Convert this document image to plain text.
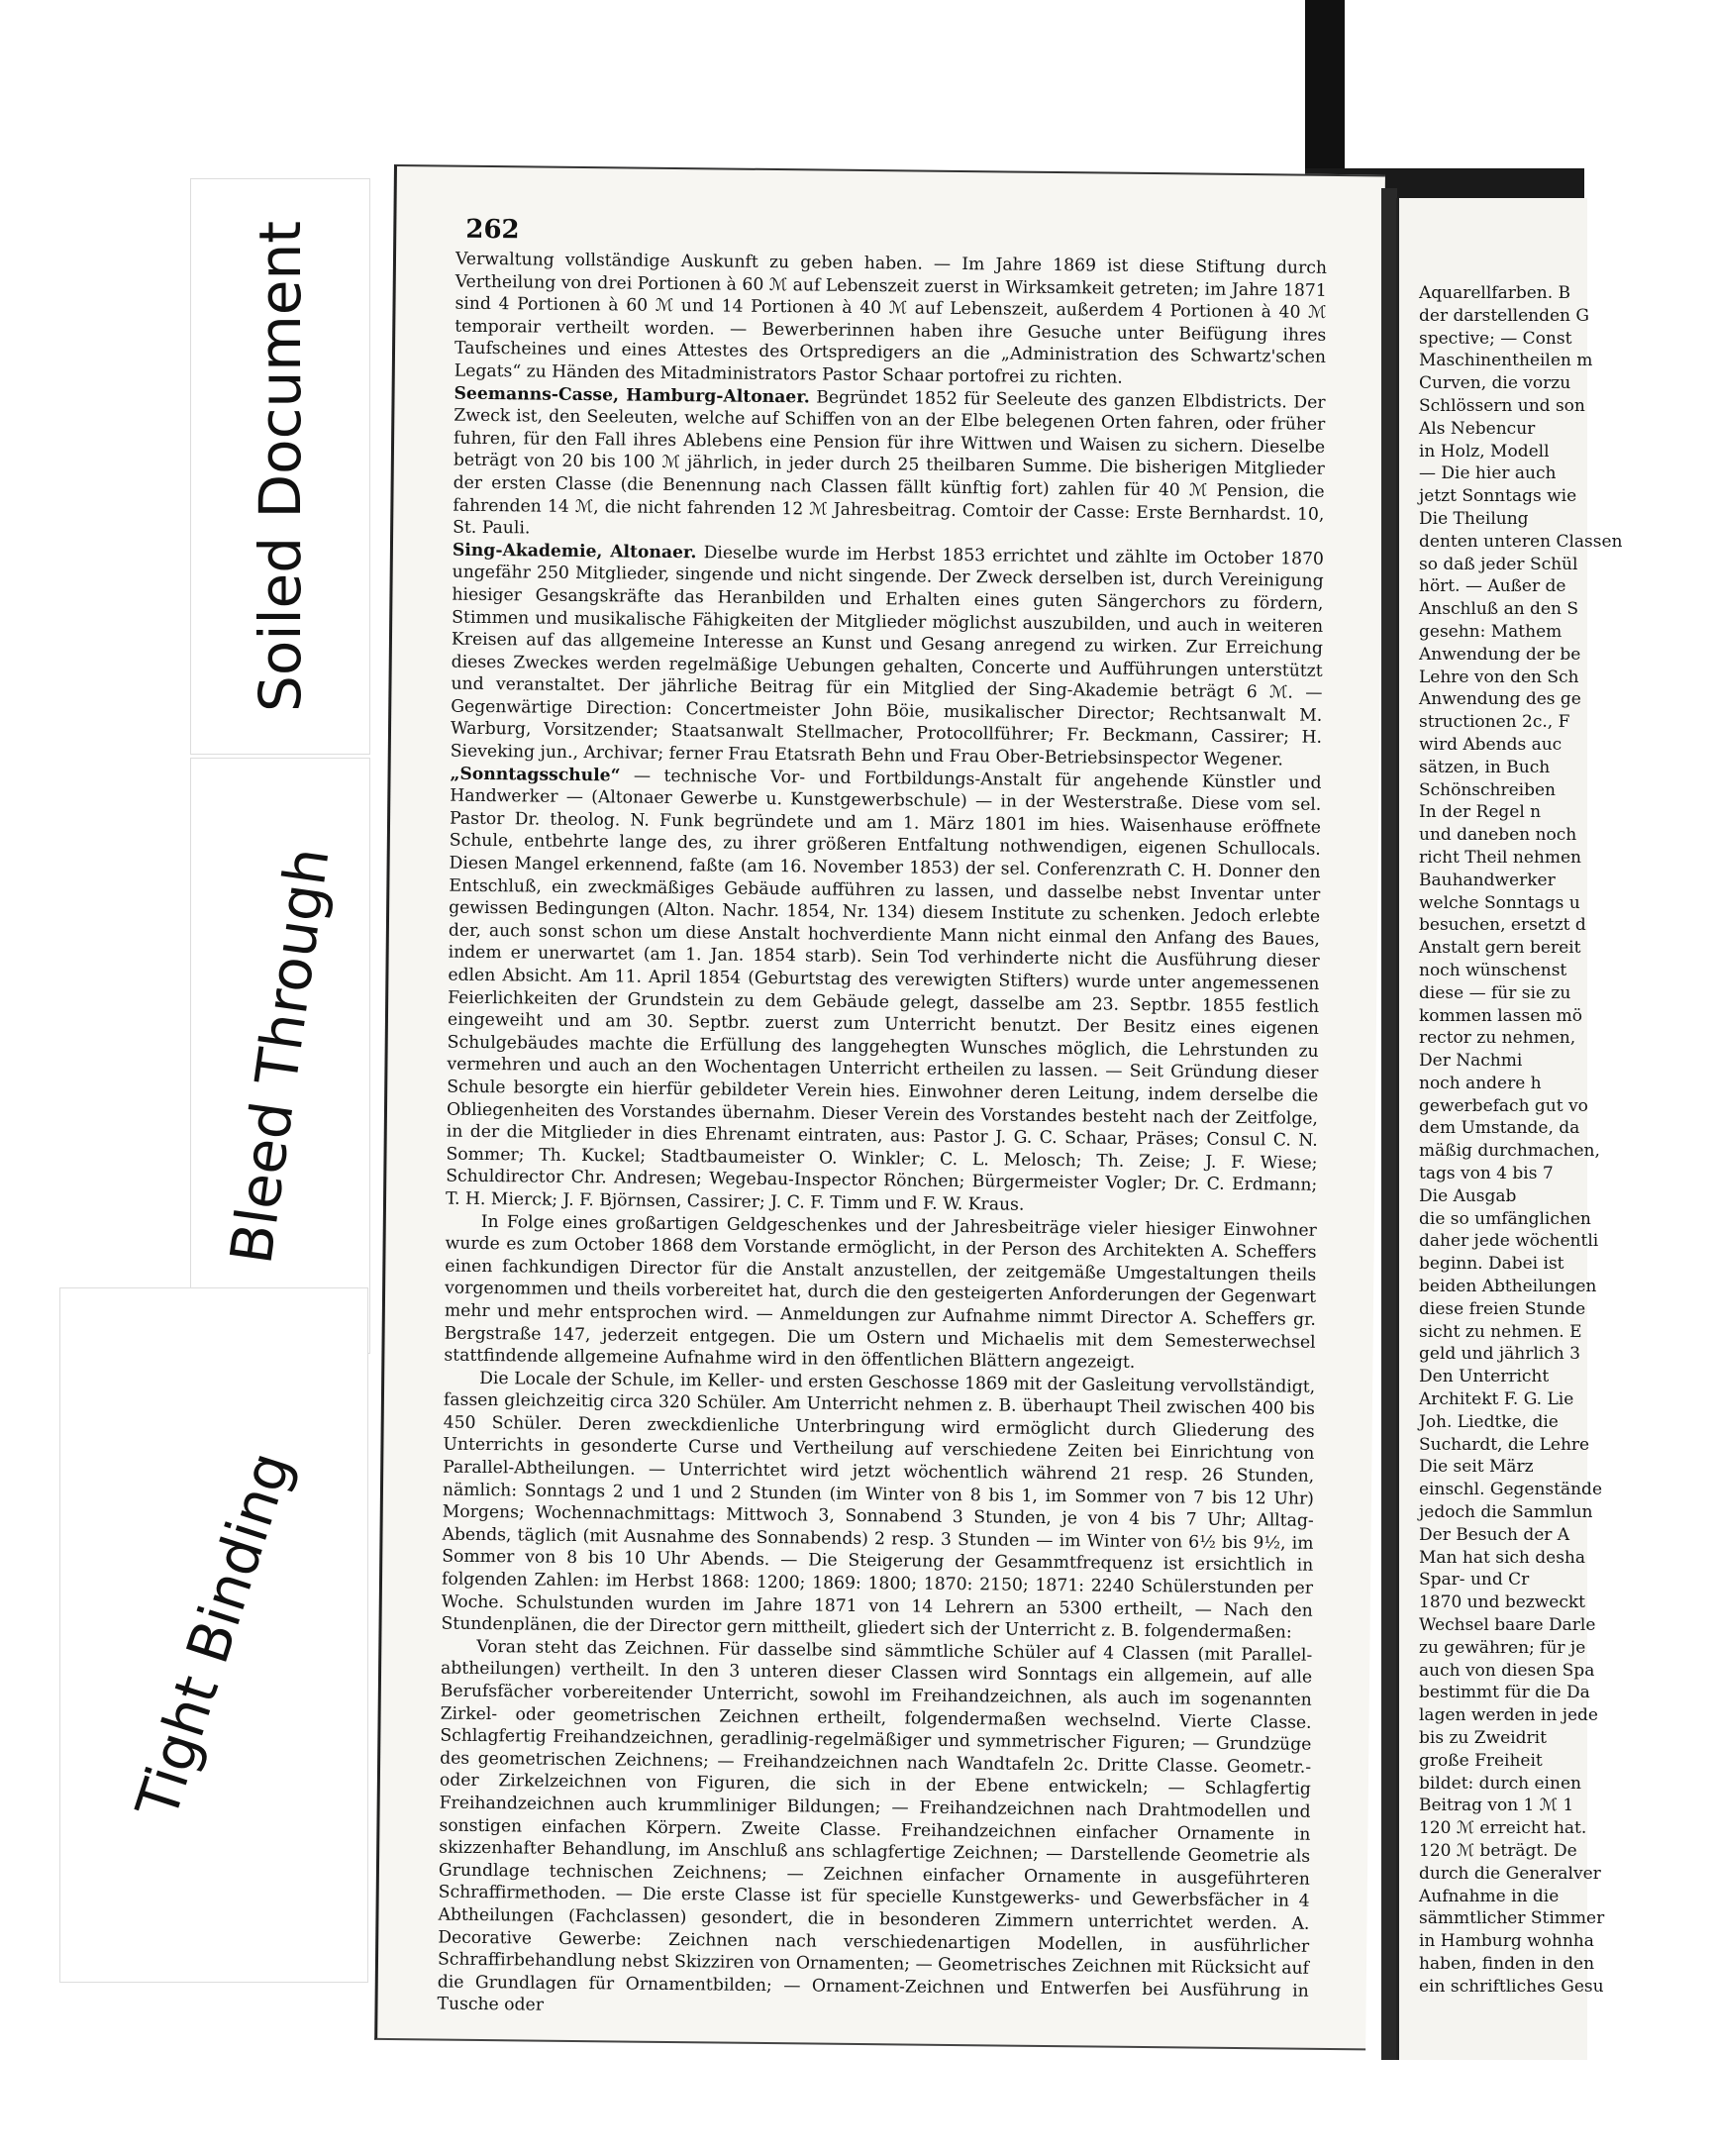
Soiled Document
Bleed Through
Tight Binding
262

Verwaltung vollständige Auskunft zu geben haben. — Im Jahre 1869 ist diese Stiftung durch Vertheilung von drei Portionen à 60 ℳ auf Lebenszeit zuerst in Wirksamkeit getreten; im Jahre 1871 sind 4 Portionen à 60 ℳ und 14 Portionen à 40 ℳ auf Lebenszeit, außerdem 4 Portionen à 40 ℳ temporair vertheilt worden. — Bewerberinnen haben ihre Gesuche unter Beifügung ihres Taufscheines und eines Attestes des Ortspredigers an die „Administration des Schwartz'schen Legats“ zu Händen des Mitadministrators Pastor Schaar portofrei zu richten.

Seemanns-Casse, Hamburg-Altonaer. Begründet 1852 für Seeleute des ganzen Elbdistricts. Der Zweck ist, den Seeleuten, welche auf Schiffen von an der Elbe belegenen Orten fahren, oder früher fuhren, für den Fall ihres Ablebens eine Pension für ihre Wittwen und Waisen zu sichern. Dieselbe beträgt von 20 bis 100 ℳ jährlich, in jeder durch 25 theilbaren Summe. Die bisherigen Mitglieder der ersten Classe (die Benennung nach Classen fällt künftig fort) zahlen für 40 ℳ Pension, die fahrenden 14 ℳ, die nicht fahrenden 12 ℳ Jahresbeitrag. Comtoir der Casse: Erste Bernhardst. 10, St. Pauli.

Sing-Akademie, Altonaer. Dieselbe wurde im Herbst 1853 errichtet und zählte im October 1870 ungefähr 250 Mitglieder, singende und nicht singende. Der Zweck derselben ist, durch Vereinigung hiesiger Gesangskräfte das Heranbilden und Erhalten eines guten Sängerchors zu fördern, Stimmen und musikalische Fähigkeiten der Mitglieder möglichst auszubilden, und auch in weiteren Kreisen auf das allgemeine Interesse an Kunst und Gesang anregend zu wirken. Zur Erreichung dieses Zweckes werden regelmäßige Uebungen gehalten, Concerte und Aufführungen unterstützt und veranstaltet. Der jährliche Beitrag für ein Mitglied der Sing-Akademie beträgt 6 ℳ. — Gegenwärtige Direction: Concertmeister John Böie, musikalischer Director; Rechtsanwalt M. Warburg, Vorsitzender; Staatsanwalt Stellmacher, Protocollführer; Fr. Beckmann, Cassirer; H. Sieveking jun., Archivar; ferner Frau Etatsrath Behn und Frau Ober-Betriebsinspector Wegener.

„Sonntagsschule“ — technische Vor- und Fortbildungs-Anstalt für angehende Künstler und Handwerker — (Altonaer Gewerbe u. Kunstgewerbschule) — in der Westerstraße. Diese vom sel. Pastor Dr. theolog. N. Funk begründete und am 1. März 1801 im hies. Waisenhause eröffnete Schule, entbehrte lange des, zu ihrer größeren Entfaltung nothwendigen, eigenen Schullocals. Diesen Mangel erkennend, faßte (am 16. November 1853) der sel. Conferenzrath C. H. Donner den Entschluß, ein zweckmäßiges Gebäude aufführen zu lassen, und dasselbe nebst Inventar unter gewissen Bedingungen (Alton. Nachr. 1854, Nr. 134) diesem Institute zu schenken. Jedoch erlebte der, auch sonst schon um diese Anstalt hochverdiente Mann nicht einmal den Anfang des Baues, indem er unerwartet (am 1. Jan. 1854 starb). Sein Tod verhinderte nicht die Ausführung dieser edlen Absicht. Am 11. April 1854 (Geburtstag des verewigten Stifters) wurde unter angemessenen Feierlichkeiten der Grundstein zu dem Gebäude gelegt, dasselbe am 23. Septbr. 1855 festlich eingeweiht und am 30. Septbr. zuerst zum Unterricht benutzt. Der Besitz eines eigenen Schulgebäudes machte die Erfüllung des langgehegten Wunsches möglich, die Lehrstunden zu vermehren und auch an den Wochentagen Unterricht ertheilen zu lassen. — Seit Gründung dieser Schule besorgte ein hierfür gebildeter Verein hies. Einwohner deren Leitung, indem derselbe die Obliegenheiten des Vorstandes übernahm. Dieser Verein des Vorstandes besteht nach der Zeitfolge, in der die Mitglieder in dies Ehrenamt eintraten, aus: Pastor J. G. C. Schaar, Präses; Consul C. N. Sommer; Th. Kuckel; Stadtbaumeister O. Winkler; C. L. Melosch; Th. Zeise; J. F. Wiese; Schuldirector Chr. Andresen; Wegebau-Inspector Rönchen; Bürgermeister Vogler; Dr. C. Erdmann; T. H. Mierck; J. F. Björnsen, Cassirer; J. C. F. Timm und F. W. Kraus.

In Folge eines großartigen Geldgeschenkes und der Jahresbeiträge vieler hiesiger Einwohner wurde es zum October 1868 dem Vorstande ermöglicht, in der Person des Architekten A. Scheffers einen fachkundigen Director für die Anstalt anzustellen, der zeitgemäße Umgestaltungen theils vorgenommen und theils vorbereitet hat, durch die den gesteigerten Anforderungen der Gegenwart mehr und mehr entsprochen wird. — Anmeldungen zur Aufnahme nimmt Director A. Scheffers gr. Bergstraße 147, jederzeit entgegen. Die um Ostern und Michaelis mit dem Semesterwechsel stattfindende allgemeine Aufnahme wird in den öffentlichen Blättern angezeigt.

Die Locale der Schule, im Keller- und ersten Geschosse 1869 mit der Gasleitung vervollständigt, fassen gleichzeitig circa 320 Schüler. Am Unterricht nehmen z. B. überhaupt Theil zwischen 400 bis 450 Schüler. Deren zweckdienliche Unterbringung wird ermöglicht durch Gliederung des Unterrichts in gesonderte Curse und Vertheilung auf verschiedene Zeiten bei Einrichtung von Parallel-Abtheilungen. — Unterrichtet wird jetzt wöchentlich während 21 resp. 26 Stunden, nämlich: Sonntags 2 und 1 und 2 Stunden (im Winter von 8 bis 1, im Sommer von 7 bis 12 Uhr) Morgens; Wochennachmittags: Mittwoch 3, Sonnabend 3 Stunden, je von 4 bis 7 Uhr; Alltag-Abends, täglich (mit Ausnahme des Sonnabends) 2 resp. 3 Stunden — im Winter von 6½ bis 9½, im Sommer von 8 bis 10 Uhr Abends. — Die Steigerung der Gesammtfrequenz ist ersichtlich in folgenden Zahlen: im Herbst 1868: 1200; 1869: 1800; 1870: 2150; 1871: 2240 Schülerstunden per Woche. Schulstunden wurden im Jahre 1871 von 14 Lehrern an 5300 ertheilt, — Nach den Stundenplänen, die der Director gern mittheilt, gliedert sich der Unterricht z. B. folgendermaßen:

Voran steht das Zeichnen. Für dasselbe sind sämmtliche Schüler auf 4 Classen (mit Parallel-abtheilungen) vertheilt. In den 3 unteren dieser Classen wird Sonntags ein allgemein, auf alle Berufsfächer vorbereitender Unterricht, sowohl im Freihandzeichnen, als auch im sogenannten Zirkel- oder geometrischen Zeichnen ertheilt, folgendermaßen wechselnd. Vierte Classe. Schlagfertig Freihandzeichnen, geradlinig-regelmäßiger und symmetrischer Figuren; — Grundzüge des geometrischen Zeichnens; — Freihandzeichnen nach Wandtafeln 2c. Dritte Classe. Geometr.- oder Zirkelzeichnen von Figuren, die sich in der Ebene entwickeln; — Schlagfertig Freihandzeichnen auch krummliniger Bildungen; — Freihandzeichnen nach Drahtmodellen und sonstigen einfachen Körpern. Zweite Classe. Freihandzeichnen einfacher Ornamente in skizzenhafter Behandlung, im Anschluß ans schlagfertige Zeichnen; — Darstellende Geometrie als Grundlage technischen Zeichnens; — Zeichnen einfacher Ornamente in ausgeführteren Schraffirmethoden. — Die erste Classe ist für specielle Kunstgewerks- und Gewerbsfächer in 4 Abtheilungen (Fachclassen) gesondert, die in besonderen Zimmern unterrichtet werden. A. Decorative Gewerbe: Zeichnen nach verschiedenartigen Modellen, in ausführlicher Schraffirbehandlung nebst Skizziren von Ornamenten; — Geometrisches Zeichnen mit Rücksicht auf die Grundlagen für Ornamentbilden; — Ornament-Zeichnen und Entwerfen bei Ausführung in Tusche oder

Aquarellfarben. B
der darstellenden G
spective; — Const
Maschinentheilen m
Curven, die vorzu
Schlössern und son
Als Nebencur
in Holz, Modell
— Die hier auch
jetzt Sonntags wie
Die Theilung
denten unteren Classen
so daß jeder Schül
hört. — Außer de
Anschluß an den S
gesehn: Mathem
Anwendung der be
Lehre von den Sch
Anwendung des ge
structionen 2c., F
wird Abends auc
sätzen, in Buch
Schönschreiben
In der Regel n
und daneben noch
richt Theil nehmen
Bauhandwerker
welche Sonntags u
besuchen, ersetzt d
Anstalt gern bereit
noch wünschenst
diese — für sie zu
kommen lassen mö
rector zu nehmen,
Der Nachmi
noch andere h
gewerbefach gut vo
dem Umstande, da
mäßig durchmachen,
tags von 4 bis 7
Die Ausgab
die so umfänglichen
daher jede wöchentli
beginn. Dabei ist
beiden Abtheilungen
diese freien Stunde
sicht zu nehmen. E
geld und jährlich 3
Den Unterricht
Architekt F. G. Lie
Joh. Liedtke, die
Suchardt, die Lehre
Die seit März
einschl. Gegenstände
jedoch die Sammlun
Der Besuch der A
Man hat sich desha
Spar- und Cr
1870 und bezweckt
Wechsel baare Darle
zu gewähren; für je
auch von diesen Spa
bestimmt für die Da
lagen werden in jede
bis zu Zweidrit
große Freiheit
bildet: durch einen
Beitrag von 1 ℳ 1
120 ℳ erreicht hat.
120 ℳ beträgt. De
durch die Generalver
Aufnahme in die
sämmtlicher Stimmer
in Hamburg wohnha
haben, finden in den
ein schriftliches Gesu
